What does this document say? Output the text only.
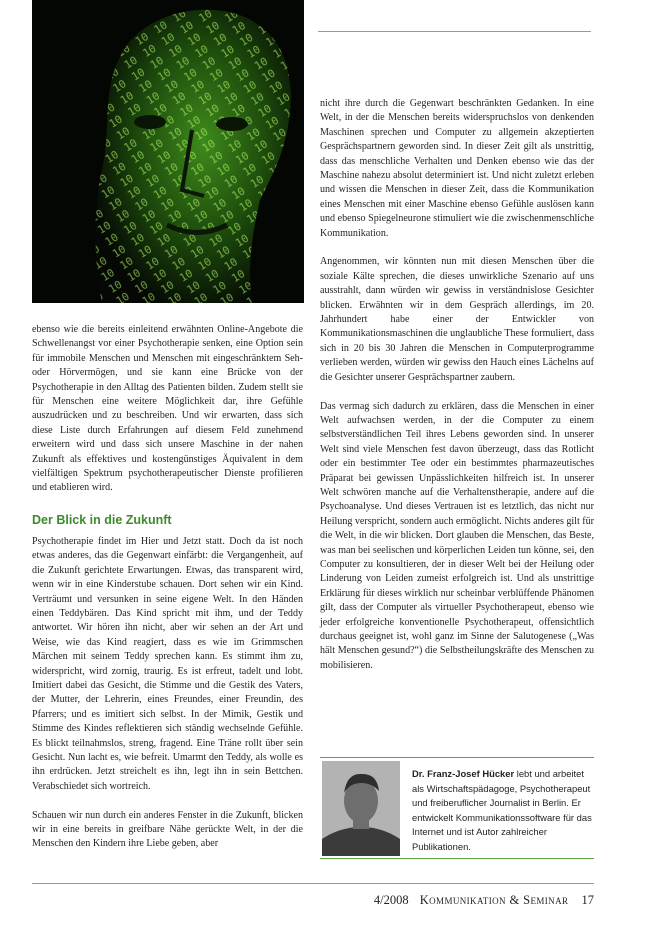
ebenso wie die bereits einleitend erwähnten Online-Angebote die Schwellenangst vor einer Psychotherapie senken, eine Option sein für immobile Menschen und Menschen mit eingeschränktem Seh- oder Hörvermögen, und sie kann eine Brücke von der Psychotherapie in den Alltag des Patienten bilden. Zudem stellt sie für Menschen eine weitere Möglichkeit dar, ihre Gefühle auszudrücken und zu beschreiben. Und wir erwarten, dass sich diese Liste durch Erfahrungen auf diesem Feld zunehmend erweitern wird und dass sich unsere Maschine in der nahen Zukunft als effektives und kostengünstiges Äquivalent in dem vielfältigen Spektrum psychotherapeutischer Dienste profilieren und etablieren wird.

Der Blick in die Zukunft

Psychotherapie findet im Hier und Jetzt statt. Doch da ist noch etwas anderes, das die Gegenwart einfärbt: die Vergangenheit, auf die Zukunft gerichtete Erwartungen. Etwas, das transparent wird, wenn wir in eine Kinderstube schauen. Dort sehen wir ein Kind. Verträumt und versunken in seine eigene Welt. In den Händen einen Teddybären. Das Kind spricht mit ihm, und der Teddy antwortet. Wir hören ihn nicht, aber wir sehen an der Art und Weise, wie das Kind reagiert, dass es wie im Grimmschen Märchen mit seinem Teddy sprechen kann. Es stimmt ihm zu, widerspricht, wird zornig, traurig. Es ist erfreut, tadelt und lobt. Imitiert dabei das Gesicht, die Stimme und die Gestik des Vaters, der Mutter, der Lehrerin, eines Freundes, einer Freundin, des Pfarrers; und es imitiert sich selbst. In der Mimik, Gestik und Stimme des Kindes reflektieren sich ständig wechselnde Gefühle. Es blickt teilnahmslos, streng, fragend. Eine Träne rollt über sein Gesicht. Nun lacht es, wie befreit. Umarmt den Teddy, als wolle es ihn erdrücken. Jetzt streichelt es ihn, legt ihn in sein Bettchen. Verabschiedet sich wortreich.

Schauen wir nun durch ein anderes Fenster in die Zukunft, blicken wir in eine bereits in greifbare Nähe gerückte Welt, in der die Menschen den Kindern ihre Liebe geben, aber

nicht ihre durch die Gegenwart beschränkten Gedanken. In eine Welt, in der die Menschen bereits widerspruchslos von denkenden Maschinen sprechen und Computer zu allgemein akzeptierten Gesprächspartnern geworden sind. In dieser Zeit gilt als unstrittig, dass das menschliche Verhalten und Denken ebenso wie das der Maschine nahezu absolut determiniert ist. Und nicht zuletzt erleben und wissen die Menschen in dieser Zeit, dass die Kommunikation eines Menschen mit einer Maschine ebenso Gefühle auslösen kann und ebenso Spiegelneurone stimuliert wie die zwischenmenschliche Kommunikation.

Angenommen, wir könnten nun mit diesen Menschen über die soziale Kälte sprechen, die dieses unwirkliche Szenario auf uns ausstrahlt, dann würden wir gewiss in verständnislose Gesichter blicken. Erwähnten wir in dem Gespräch allerdings, im 20. Jahrhundert habe einer der Entwickler von Kommunikationsmaschinen die unglaubliche These formuliert, dass sich in 20 bis 30 Jahren die Menschen in Computerprogramme verlieben werden, würden wir gewiss den Hauch eines Lächelns auf die Gesichter unserer Gesprächspartner zaubern.

Das vermag sich dadurch zu erklären, dass die Menschen in einer Welt aufwachsen werden, in der die Computer zu einem selbstverständlichen Teil ihres Lebens geworden sind. In unserer Welt sind viele Menschen fest davon überzeugt, dass das Rotlicht oder ein bestimmter Tee oder ein bestimmtes pharmazeutisches Präparat bei gewissen Unpässlichkeiten hilfreich ist. In unserer Welt schwören manche auf die Verhaltenstherapie, andere auf die Psychoanalyse. Und dieses Vertrauen ist es letztlich, das nicht nur Heilung verspricht, sondern auch ermöglicht. Nichts anderes gilt für die Welt, in die wir blicken. Dort glauben die Menschen, das Beste, was man bei seelischen und körperlichen Leiden tun könne, sei, den Computer zu konsultieren, der in dieser Welt bei der Heilung oder Linderung von Leiden zumeist erfolgreich ist. Und als unstrittige Erklärung für dieses wirklich nur scheinbar verblüffende Phänomen gilt, dass der Computer als virtueller Psychotherapeut, ebenso wie jeder erfolgreiche konventionelle Psychotherapeut, offensichtlich durchaus geeignet ist, wohl ganz im Sinne der Salutogenese („Was hält Menschen gesund?“) die Selbstheilungskräfte des Menschen zu mobilisieren.

Dr. Franz-Josef Hücker lebt und arbeitet als Wirtschaftspädagoge, Psychotherapeut und freiberuflicher Journalist in Berlin. Er entwickelt Kommunikationssoftware für das Internet und ist Autor zahlreicher Publikationen.
4/2008 Kommunikation & Seminar 17
